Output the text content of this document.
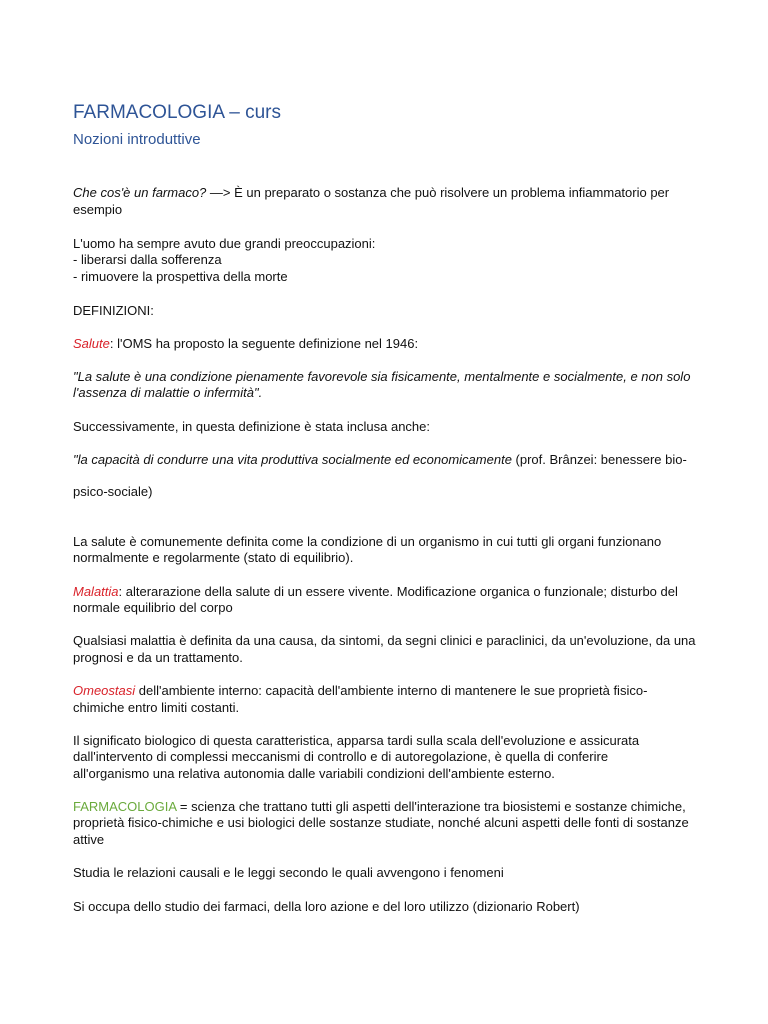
FARMACOLOGIA – curs
Nozioni introduttive
Che cos'è un farmaco? —> È un preparato o sostanza che può risolvere un problema infiammatorio per
esempio
L'uomo ha sempre avuto due grandi preoccupazioni:
- liberarsi dalla sofferenza
- rimuovere la prospettiva della morte
DEFINIZIONI:
Salute: l'OMS ha proposto la seguente definizione nel 1946:
"La salute è una condizione pienamente favorevole sia fisicamente, mentalmente e socialmente, e non solo
l'assenza di malattie o infermità".
Successivamente, in questa definizione è stata inclusa anche:
"la capacità di condurre una vita produttiva socialmente ed economicamente (prof. Brânzei: benessere bio-
psico-sociale)
La salute è comunemente definita come la condizione di un organismo in cui tutti gli organi funzionano
normalmente e regolarmente (stato di equilibrio).
Malattia: alterarazione della salute di un essere vivente. Modificazione organica o funzionale; disturbo del
normale equilibrio del corpo
Qualsiasi malattia è definita da una causa, da sintomi, da segni clinici e paraclinici, da un'evoluzione, da una
prognosi e da un trattamento.
Omeostasi dell'ambiente interno: capacità dell'ambiente interno di mantenere le sue proprietà fisico-
chimiche entro limiti costanti.
Il significato biologico di questa caratteristica, apparsa tardi sulla scala dell'evoluzione e assicurata
dall'intervento di complessi meccanismi di controllo e di autoregolazione, è quella di conferire
all'organismo una relativa autonomia dalle variabili condizioni dell'ambiente esterno.
FARMACOLOGIA = scienza che trattano tutti gli aspetti dell'interazione tra biosistemi e sostanze chimiche,
proprietà fisico-chimiche e usi biologici delle sostanze studiate, nonché alcuni aspetti delle fonti di sostanze
attive
Studia le relazioni causali e le leggi secondo le quali avvengono i fenomeni
Si occupa dello studio dei farmaci, della loro azione e del loro utilizzo (dizionario Robert)
